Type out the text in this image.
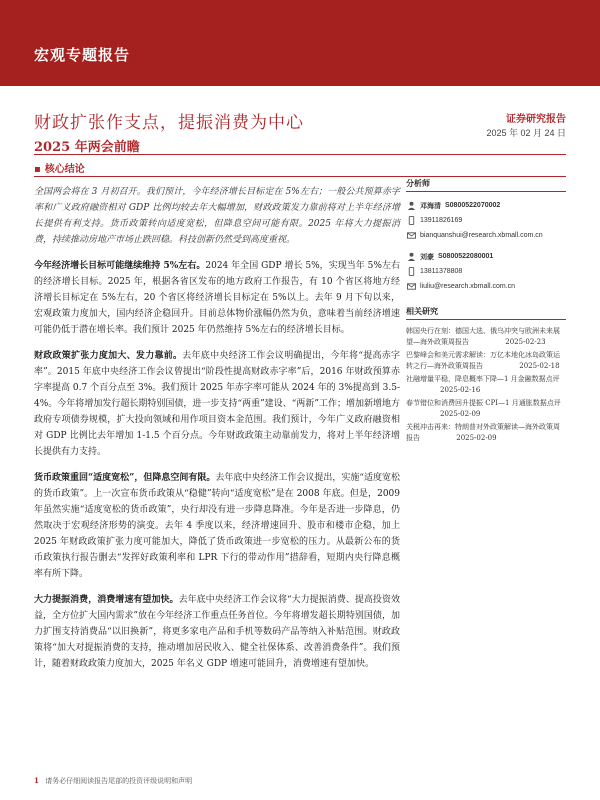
宏观专题报告
财政扩张作支点，提振消费为中心
2025 年两会前瞻
证券研究报告
2025 年 02 月 24 日
▪ 核心结论

全国两会将在 3 月初召开。我们预计，今年经济增长目标定在 5%左右；一般公共预算赤字率和广义政府融资相对 GDP 比例均较去年大幅增加，财政政策发力靠前将对上半年经济增长提供有利支持。货币政策转向适度宽松，但降息空间可能有限。2025 年将大力提振消费，持续推动房地产市场止跌回稳。科技创新仍然受到高度重视。

今年经济增长目标可能继续维持 5%左右。2024 年全国 GDP 增长 5%，实现当年 5%左右的经济增长目标。2025 年，根据各省区发布的地方政府工作报告，有 10 个省区将地方经济增长目标定在 5%左右，20 个省区将经济增长目标定在 5%以上。去年 9 月下旬以来，宏观政策力度加大，国内经济企稳回升。目前总体物价涨幅仍然为负，意味着当前经济增速可能仍低于潜在增长率。我们预计 2025 年仍然维持 5%左右的经济增长目标。

财政政策扩张力度加大、发力靠前。去年底中央经济工作会议明确提出，今年将“提高赤字率”。2015 年底中央经济工作会议曾提出“阶段性提高财政赤字率”后，2016 年财政预算赤字率提高 0.7 个百分点至 3%。我们预计 2025 年赤字率可能从 2024 年的 3%提高到 3.5-4%。今年将增加发行超长期特别国债，进一步支持“两重”建设、“两新”工作；增加新增地方政府专项债券规模，扩大投向领域和用作项目资本金范围。我们预计，今年广义政府融资相对 GDP 比例比去年增加 1-1.5 个百分点。今年财政政策主动靠前发力，将对上半年经济增长提供有力支持。

货币政策重回“适度宽松”，但降息空间有限。去年底中央经济工作会议提出，实施“适度宽松的货币政策”。上一次宣布货币政策从“稳健”转向“适度宽松”是在 2008 年底。但是，2009 年虽然实施“适度宽松的货币政策”，央行却没有进一步降息降准。今年是否进一步降息，仍然取决于宏观经济形势的演变。去年 4 季度以来，经济增速回升、股市和楼市企稳，加上 2025 年财政政策扩张力度可能加大，降低了货币政策进一步宽松的压力。从最新公布的货币政策执行报告删去“发挥好政策利率和 LPR 下行的带动作用”措辞看，短期内央行降息概率有所下降。

大力提振消费，消费增速有望加快。去年底中央经济工作会议将“大力提振消费、提高投资效益，全方位扩大国内需求”放在今年经济工作重点任务首位。今年将增发超长期特别国债，加力扩围支持消费品“以旧换新”，将更多家电产品和手机等数码产品等纳入补贴范围。财政政策将“加大对提振消费的支持，推动增加居民收入、健全社保体系、改善消费条件”。我们预计，随着财政政策力度加大，2025 年名义 GDP 增速可能回升，消费增速有望加快。

分析师
邓海清 S0800522070002
13911826169
bianquanshui@research.xbmall.com.cn
刘豪 S0800522080001
13811378808
liuliu@research.xbmall.com.cn
相关研究
韩国央行在刻：德国大选、俄乌冲突与欧洲未来展望—海外政策周报告	2025-02-23
巴黎峰会和美元需求解读：万亿本地化冰岛政策运转之行—海外政策周报告	2025-02-18
社融增量平稳，降息概率下降—1 月金融数据点评 2025-02-16
春节错位和消费回升提振 CPI—1 月通胀数据点评 2025-02-09
关税冲击再来：特朗普对外政策解读—海外政策周报告	2025-02-09
1 请务必仔细阅读报告尾部的投资评级说明和声明
